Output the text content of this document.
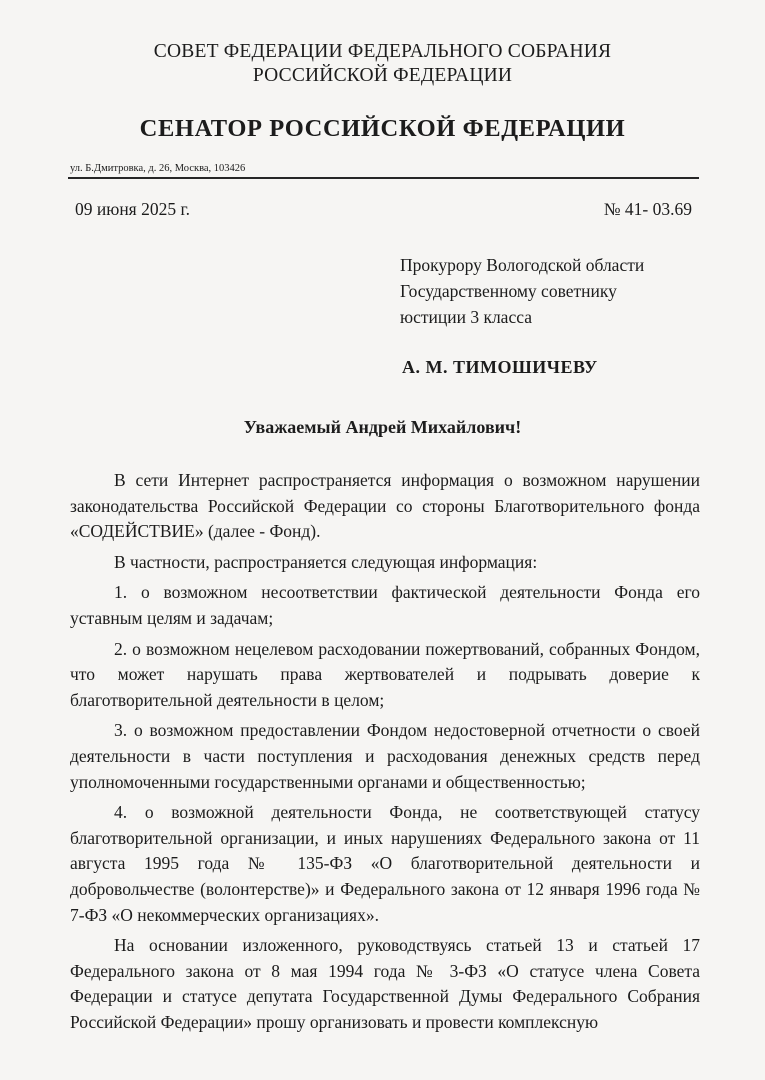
СОВЕТ ФЕДЕРАЦИИ ФЕДЕРАЛЬНОГО СОБРАНИЯ
РОССИЙСКОЙ ФЕДЕРАЦИИ
СЕНАТОР РОССИЙСКОЙ ФЕДЕРАЦИИ
ул. Б.Дмитровка, д. 26, Москва, 103426
09 июня 2025 г.	№ 41- 03.69
Прокурору Вологодской области
Государственному советнику
юстиции 3 класса
А. М. ТИМОШИЧЕВУ
Уважаемый Андрей Михайлович!

В сети Интернет распространяется информация о возможном нарушении законодательства Российской Федерации со стороны Благотворительного фонда «СОДЕЙСТВИЕ» (далее - Фонд).

В частности, распространяется следующая информация:

1. о возможном несоответствии фактической деятельности Фонда его уставным целям и задачам;

2. о возможном нецелевом расходовании пожертвований, собранных Фондом, что может нарушать права жертвователей и подрывать доверие к благотворительной деятельности в целом;

3. о возможном предоставлении Фондом недостоверной отчетности о своей деятельности в части поступления и расходования денежных средств перед уполномоченными государственными органами и общественностью;

4. о возможной деятельности Фонда, не соответствующей статусу благотворительной организации, и иных нарушениях Федерального закона от 11 августа 1995 года № 135-ФЗ «О благотворительной деятельности и добровольчестве (волонтерстве)» и Федерального закона от 12 января 1996 года № 7-ФЗ «О некоммерческих организациях».

На основании изложенного, руководствуясь статьей 13 и статьей 17 Федерального закона от 8 мая 1994 года № 3-ФЗ «О статусе члена Совета Федерации и статусе депутата Государственной Думы Федерального Собрания Российской Федерации» прошу организовать и провести комплексную
